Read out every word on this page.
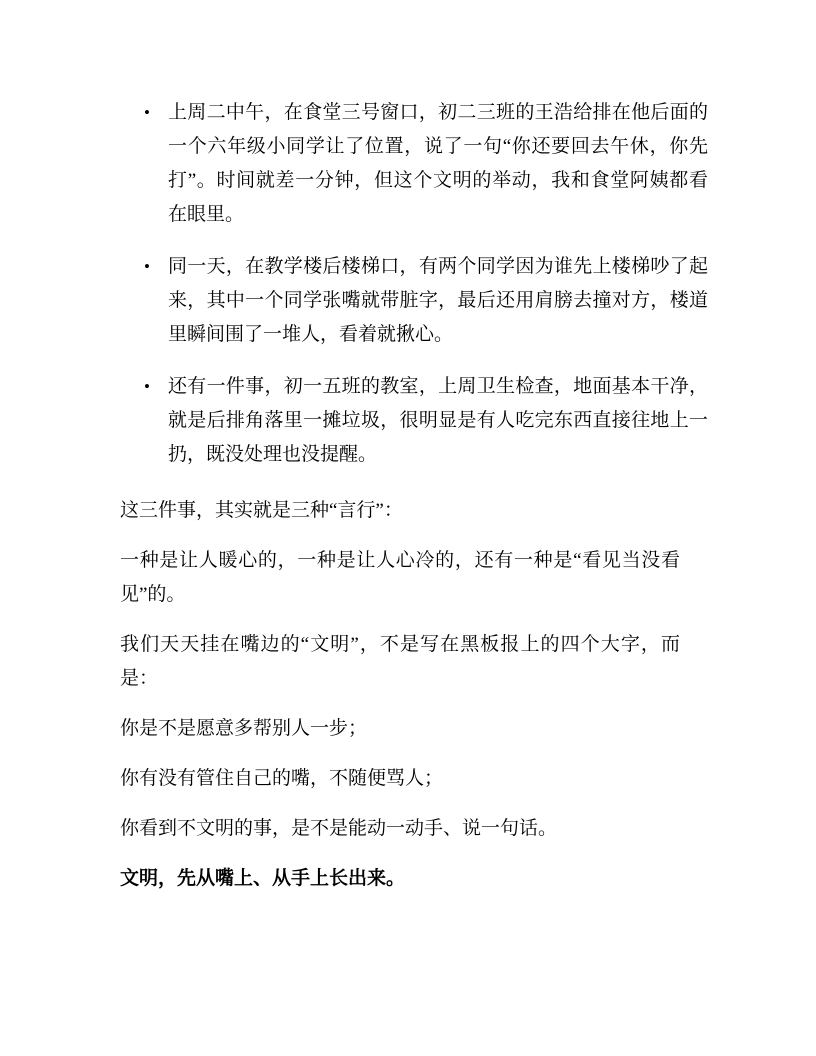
• 上周二中午，在食堂三号窗口，初二三班的王浩给排在他后面的一个六年级小同学让了位置，说了一句“你还要回去午休，你先打”。时间就差一分钟，但这个文明的举动，我和食堂阿姨都看在眼里。
• 同一天，在教学楼后楼梯口，有两个同学因为谁先上楼梯吵了起来，其中一个同学张嘴就带脏字，最后还用肩膀去撞对方，楼道里瞬间围了一堆人，看着就揪心。
• 还有一件事，初一五班的教室，上周卫生检查，地面基本干净，就是后排角落里一摊垃圾，很明显是有人吃完东西直接往地上一扔，既没处理也没提醒。

这三件事，其实就是三种“言行”：

一种是让人暖心的，一种是让人心冷的，还有一种是“看见当没看见”的。

我们天天挂在嘴边的“文明”，不是写在黑板报上的四个大字，而是：

你是不是愿意多帮别人一步；

你有没有管住自己的嘴，不随便骂人；

你看到不文明的事，是不是能动一动手、说一句话。

文明，先从嘴上、从手上长出来。
